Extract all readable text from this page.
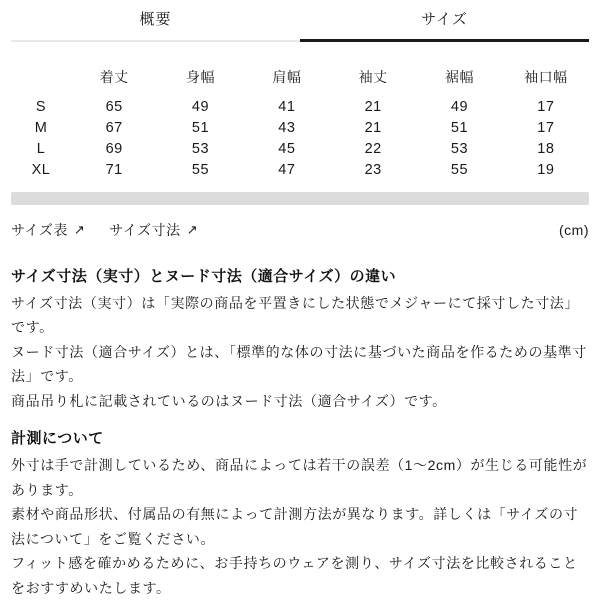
概要	サイズ
着丈	身幅	肩幅	袖丈	裾幅	袖口幅
S	65	49	41	21	49	17
M	67	51	43	21	51	17
L	69	53	45	22	53	18
XL	71	55	47	23	55	19
サイズ表 ↗ サイズ寸法 ↗	(cm)
サイズ寸法（実寸）とヌード寸法（適合サイズ）の違い

サイズ寸法（実寸）は「実際の商品を平置きにした状態でメジャーにて採寸した寸法」です。

ヌード寸法（適合サイズ）とは、「標準的な体の寸法に基づいた商品を作るための基準寸法」です。

商品吊り札に記載されているのはヌード寸法（適合サイズ）です。

計測について

外寸は手で計測しているため、商品によっては若干の誤差（1～2cm）が生じる可能性があります。

素材や商品形状、付属品の有無によって計測方法が異なります。詳しくは「サイズの寸法について」をご覧ください。

フィット感を確かめるために、お手持ちのウェアを測り、サイズ寸法を比較されることをおすすめいたします。
